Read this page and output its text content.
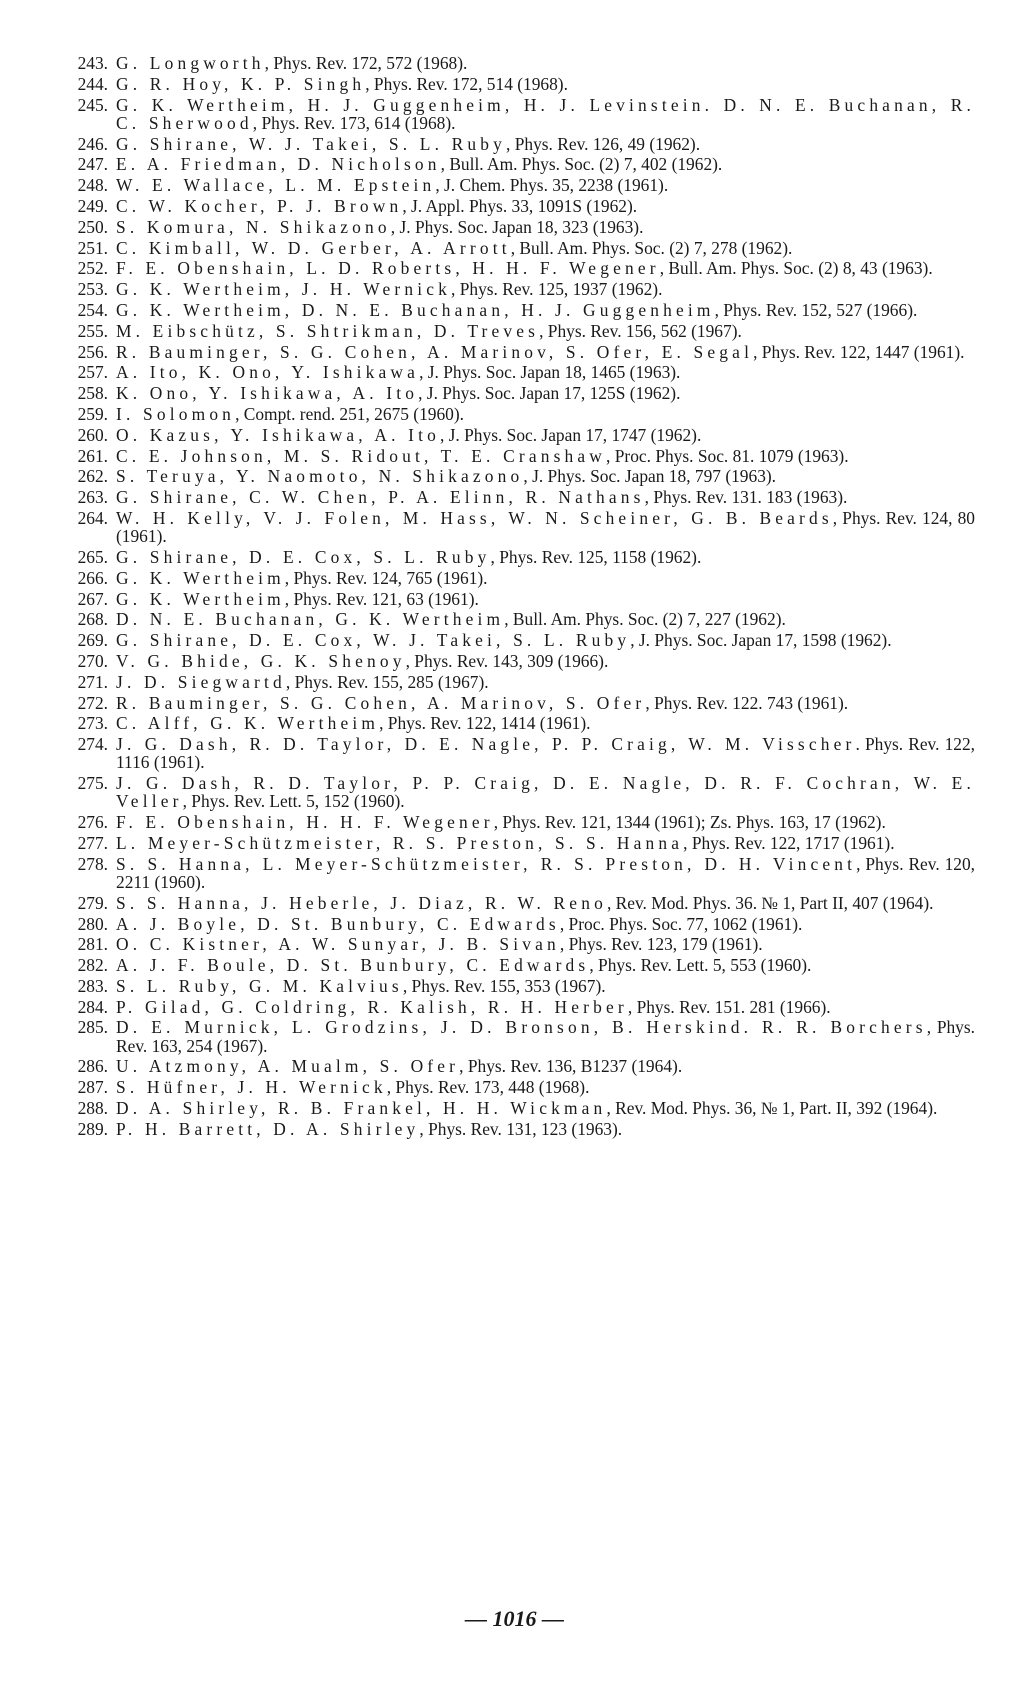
243. G. Longworth, Phys. Rev. 172, 572 (1968).
244. G. R. Hoy, K. P. Singh, Phys. Rev. 172, 514 (1968).
245. G. K. Wertheim, H. J. Guggenheim, H. J. Levinstein. D. N. E. Buchanan, R. C. Sherwood, Phys. Rev. 173, 614 (1968).
246. G. Shirane, W. J. Takei, S. L. Ruby, Phys. Rev. 126, 49 (1962).
247. E. A. Friedman, D. Nicholson, Bull. Am. Phys. Soc. (2) 7, 402 (1962).
248. W. E. Wallace, L. M. Epstein, J. Chem. Phys. 35, 2238 (1961).
249. C. W. Kocher, P. J. Brown, J. Appl. Phys. 33, 1091S (1962).
250. S. Komura, N. Shikazono, J. Phys. Soc. Japan 18, 323 (1963).
251. C. Kimball, W. D. Gerber, A. Arrott, Bull. Am. Phys. Soc. (2) 7, 278 (1962).
252. F. E. Obenshain, L. D. Roberts, H. H. F. Wegener, Bull. Am. Phys. Soc. (2) 8, 43 (1963).
253. G. K. Wertheim, J. H. Wernick, Phys. Rev. 125, 1937 (1962).
254. G. K. Wertheim, D. N. E. Buchanan, H. J. Guggenheim, Phys. Rev. 152, 527 (1966).
255. M. Eibschütz, S. Shtrikman, D. Treves, Phys. Rev. 156, 562 (1967).
256. R. Bauminger, S. G. Cohen, A. Marinov, S. Ofer, E. Segal, Phys. Rev. 122, 1447 (1961).
257. A. Ito, K. Ono, Y. Ishikawa, J. Phys. Soc. Japan 18, 1465 (1963).
258. K. Ono, Y. Ishikawa, A. Ito, J. Phys. Soc. Japan 17, 125S (1962).
259. I. Solomon, Compt. rend. 251, 2675 (1960).
260. O. Kazus, Y. Ishikawa, A. Ito, J. Phys. Soc. Japan 17, 1747 (1962).
261. C. E. Johnson, M. S. Ridout, T. E. Cranshaw, Proc. Phys. Soc. 81. 1079 (1963).
262. S. Teruya, Y. Naomoto, N. Shikazono, J. Phys. Soc. Japan 18, 797 (1963).
263. G. Shirane, C. W. Chen, P. A. Elinn, R. Nathans, Phys. Rev. 131. 183 (1963).
264. W. H. Kelly, V. J. Folen, M. Hass, W. N. Scheiner, G. B. Beards, Phys. Rev. 124, 80 (1961).
265. G. Shirane, D. E. Cox, S. L. Ruby, Phys. Rev. 125, 1158 (1962).
266. G. K. Wertheim, Phys. Rev. 124, 765 (1961).
267. G. K. Wertheim, Phys. Rev. 121, 63 (1961).
268. D. N. E. Buchanan, G. K. Wertheim, Bull. Am. Phys. Soc. (2) 7, 227 (1962).
269. G. Shirane, D. E. Cox, W. J. Takei, S. L. Ruby, J. Phys. Soc. Japan 17, 1598 (1962).
270. V. G. Bhide, G. K. Shenoy, Phys. Rev. 143, 309 (1966).
271. J. D. Siegwartd, Phys. Rev. 155, 285 (1967).
272. R. Bauminger, S. G. Cohen, A. Marinov, S. Ofer, Phys. Rev. 122. 743 (1961).
273. C. Alff, G. K. Wertheim, Phys. Rev. 122, 1414 (1961).
274. J. G. Dash, R. D. Taylor, D. E. Nagle, P. P. Craig, W. M. Visscher. Phys. Rev. 122, 1116 (1961).
275. J. G. Dash, R. D. Taylor, P. P. Craig, D. E. Nagle, D. R. F. Cochran, W. E. Veller, Phys. Rev. Lett. 5, 152 (1960).
276. F. E. Obenshain, H. H. F. Wegener, Phys. Rev. 121, 1344 (1961); Zs. Phys. 163, 17 (1962).
277. L. Meyer-Schützmeister, R. S. Preston, S. S. Hanna, Phys. Rev. 122, 1717 (1961).
278. S. S. Hanna, L. Meyer-Schützmeister, R. S. Preston, D. H. Vincent, Phys. Rev. 120, 2211 (1960).
279. S. S. Hanna, J. Heberle, J. Diaz, R. W. Reno, Rev. Mod. Phys. 36. № 1, Part II, 407 (1964).
280. A. J. Boyle, D. St. Bunbury, C. Edwards, Proc. Phys. Soc. 77, 1062 (1961).
281. O. C. Kistner, A. W. Sunyar, J. B. Sivan, Phys. Rev. 123, 179 (1961).
282. A. J. F. Boule, D. St. Bunbury, C. Edwards, Phys. Rev. Lett. 5, 553 (1960).
283. S. L. Ruby, G. M. Kalvius, Phys. Rev. 155, 353 (1967).
284. P. Gilad, G. Coldring, R. Kalish, R. H. Herber, Phys. Rev. 151. 281 (1966).
285. D. E. Murnick, L. Grodzins, J. D. Bronson, B. Herskind. R. R. Borchers, Phys. Rev. 163, 254 (1967).
286. U. Atzmony, A. Mualm, S. Ofer, Phys. Rev. 136, B1237 (1964).
287. S. Hüfner, J. H. Wernick, Phys. Rev. 173, 448 (1968).
288. D. A. Shirley, R. B. Frankel, H. H. Wickman, Rev. Mod. Phys. 36, № 1, Part. II, 392 (1964).
289. P. H. Barrett, D. A. Shirley, Phys. Rev. 131, 123 (1963).
— 1016 —
